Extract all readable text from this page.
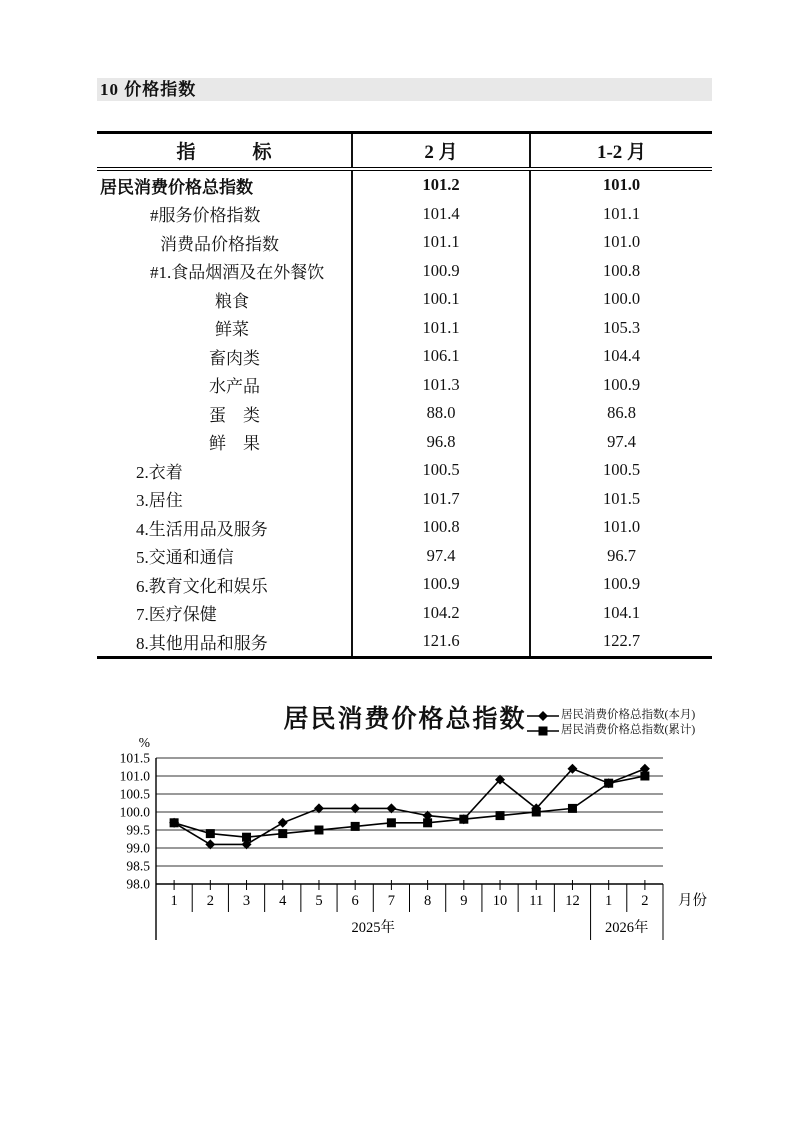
10 价格指数
指　　　标	2 月	1-2 月
居民消费价格总指数	101.2	101.0
#服务价格指数	101.4	101.1
消费品价格指数	101.1	101.0
#1.食品烟酒及在外餐饮	100.9	100.8
粮食	100.1	100.0
鲜菜	101.1	105.3
畜肉类	106.1	104.4
水产品	101.3	100.9
蛋　类	88.0	86.8
鲜　果	96.8	97.4
2.衣着	100.5	100.5
3.居住	101.7	101.5
4.生活用品及服务	100.8	101.0
5.交通和通信	97.4	96.7
6.教育文化和娱乐	100.9	100.9
7.医疗保健	104.2	104.1
8.其他用品和服务	121.6	122.7
居民消费价格总指数	居民消费价格总指数(本月)
居民消费价格总指数(累计)
101.5
101.0
100.5
100.0
99.5
99.0
98.5
98.0
%
1 2 3 4 5 6 7 8 9 10 11 12 1 2
2025年	2026年
月份
